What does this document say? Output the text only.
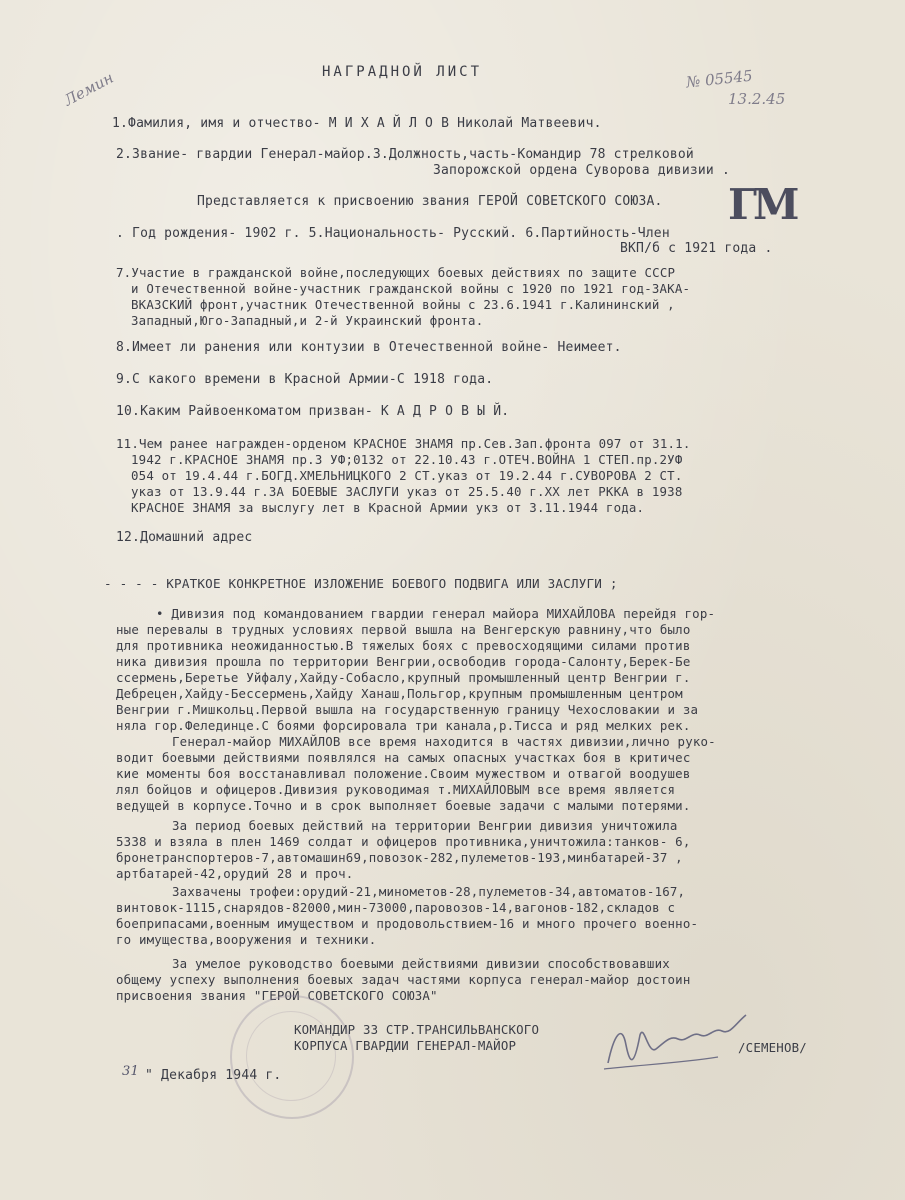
Лемин	№ 05545
13.2.45
ГМ
НАГРАДНОЙ ЛИСТ
1.Фамилия, имя и отчество- М И Х А Й Л О В Николай Матвеевич.
2.Звание- гвардии Генерал-майор.3.Должность,часть-Командир 78 стрелковой
Запорожской ордена Суворова дивизии .
Представляется к присвоению звания ГЕРОЙ СОВЕТСКОГО СОЮЗА.
. Год рождения- 1902 г. 5.Национальность- Русский. 6.Партийность-Член
ВКП/б с 1921 года .
7.Участие в гражданской войне,последующих боевых действиях по защите СССР
и Отечественной войне-участник гражданской войны с 1920 по 1921 год-ЗАКА-
ВКАЗСКИЙ фронт,участник Отечественной войны с 23.6.1941 г.Калининский ,
Западный,Юго-Западный,и 2-й Украинский фронта.
8.Имеет ли ранения или контузии в Отечественной войне- Неимеет.
9.С какого времени в Красной Армии-С 1918 года.
10.Каким Райвоенкоматом призван- К А Д Р О В Ы Й.
11.Чем ранее награжден-орденом КРАСНОЕ ЗНАМЯ пр.Сев.Зап.фронта 097 от 31.1.
1942 г.КРАСНОЕ ЗНАМЯ пр.3 УФ;0132 от 22.10.43 г.ОТЕЧ.ВОЙНА 1 СТЕП.пр.2УФ
054 от 19.4.44 г.БОГД.ХМЕЛЬНИЦКОГО 2 СТ.указ от 19.2.44 г.СУВОРОВА 2 СТ.
указ от 13.9.44 г.ЗА БОЕВЫЕ ЗАСЛУГИ указ от 25.5.40 г.XX лет РККА в 1938
КРАСНОЕ ЗНАМЯ за выслугу лет в Красной Армии укз от 3.11.1944 года.
12.Домашний адрес
- - - - КРАТКОЕ КОНКРЕТНОЕ ИЗЛОЖЕНИЕ БОЕВОГО ПОДВИГА ИЛИ ЗАСЛУГИ ;
• Дивизия под командованием гвардии генерал майора МИХАЙЛОВА перейдя гор-
ные перевалы в трудных условиях первой вышла на Венгерскую равнину,что было
для противника неожиданностью.В тяжелых боях с превосходящими силами против
ника дивизия прошла по территории Венгрии,освободив города-Салонту,Берек-Бе
ссермень,Беретье Уйфалу,Хайду-Собасло,крупный промышленный центр Венгрии г.
Дебрецен,Хайду-Бессермень,Хайду Ханаш,Польгор,крупным промышленным центром
Венгрии г.Мишкольц.Первой вышла на государственную границу Чехословакии и за
няла гор.Фелединце.С боями форсировала три канала,р.Тисса и ряд мелких рек.
Генерал-майор МИХАЙЛОВ все время находится в частях дивизии,лично руко-
водит боевыми действиями появлялся на самых опасных участках боя в критичес
кие моменты боя восстанавливал положение.Своим мужеством и отвагой воодушев
лял бойцов и офицеров.Дивизия руководимая т.МИХАЙЛОВЫМ все время является
ведущей в корпусе.Точно и в срок выполняет боевые задачи с малыми потерями.
За период боевых действий на территории Венгрии дивизия уничтожила
5338 и взяла в плен 1469 солдат и офицеров противника,уничтожила:танков- 6,
бронетранспортеров-7,автомашин69,повозок-282,пулеметов-193,минбатарей-37 ,
артбатарей-42,орудий 28 и проч.
Захвачены трофеи:орудий-21,минометов-28,пулеметов-34,автоматов-167,
винтовок-1115,снарядов-82000,мин-73000,паровозов-14,вагонов-182,складов с
боеприпасами,военным имуществом и продовольствием-16 и много прочего военно-
го имущества,вооружения и техники.
За умелое руководство боевыми действиями дивизии способствовавших
общему успеху выполнения боевых задач частями корпуса генерал-майор достоин
присвоения звания "ГЕРОЙ СОВЕТСКОГО СОЮЗА"
КОМАНДИР 33 СТР.ТРАНСИЛЬВАНСКОГО
КОРПУСА ГВАРДИИ ГЕНЕРАЛ-МАЙОР	/СЕМЕНОВ/
31 " Декабря 1944 г.
